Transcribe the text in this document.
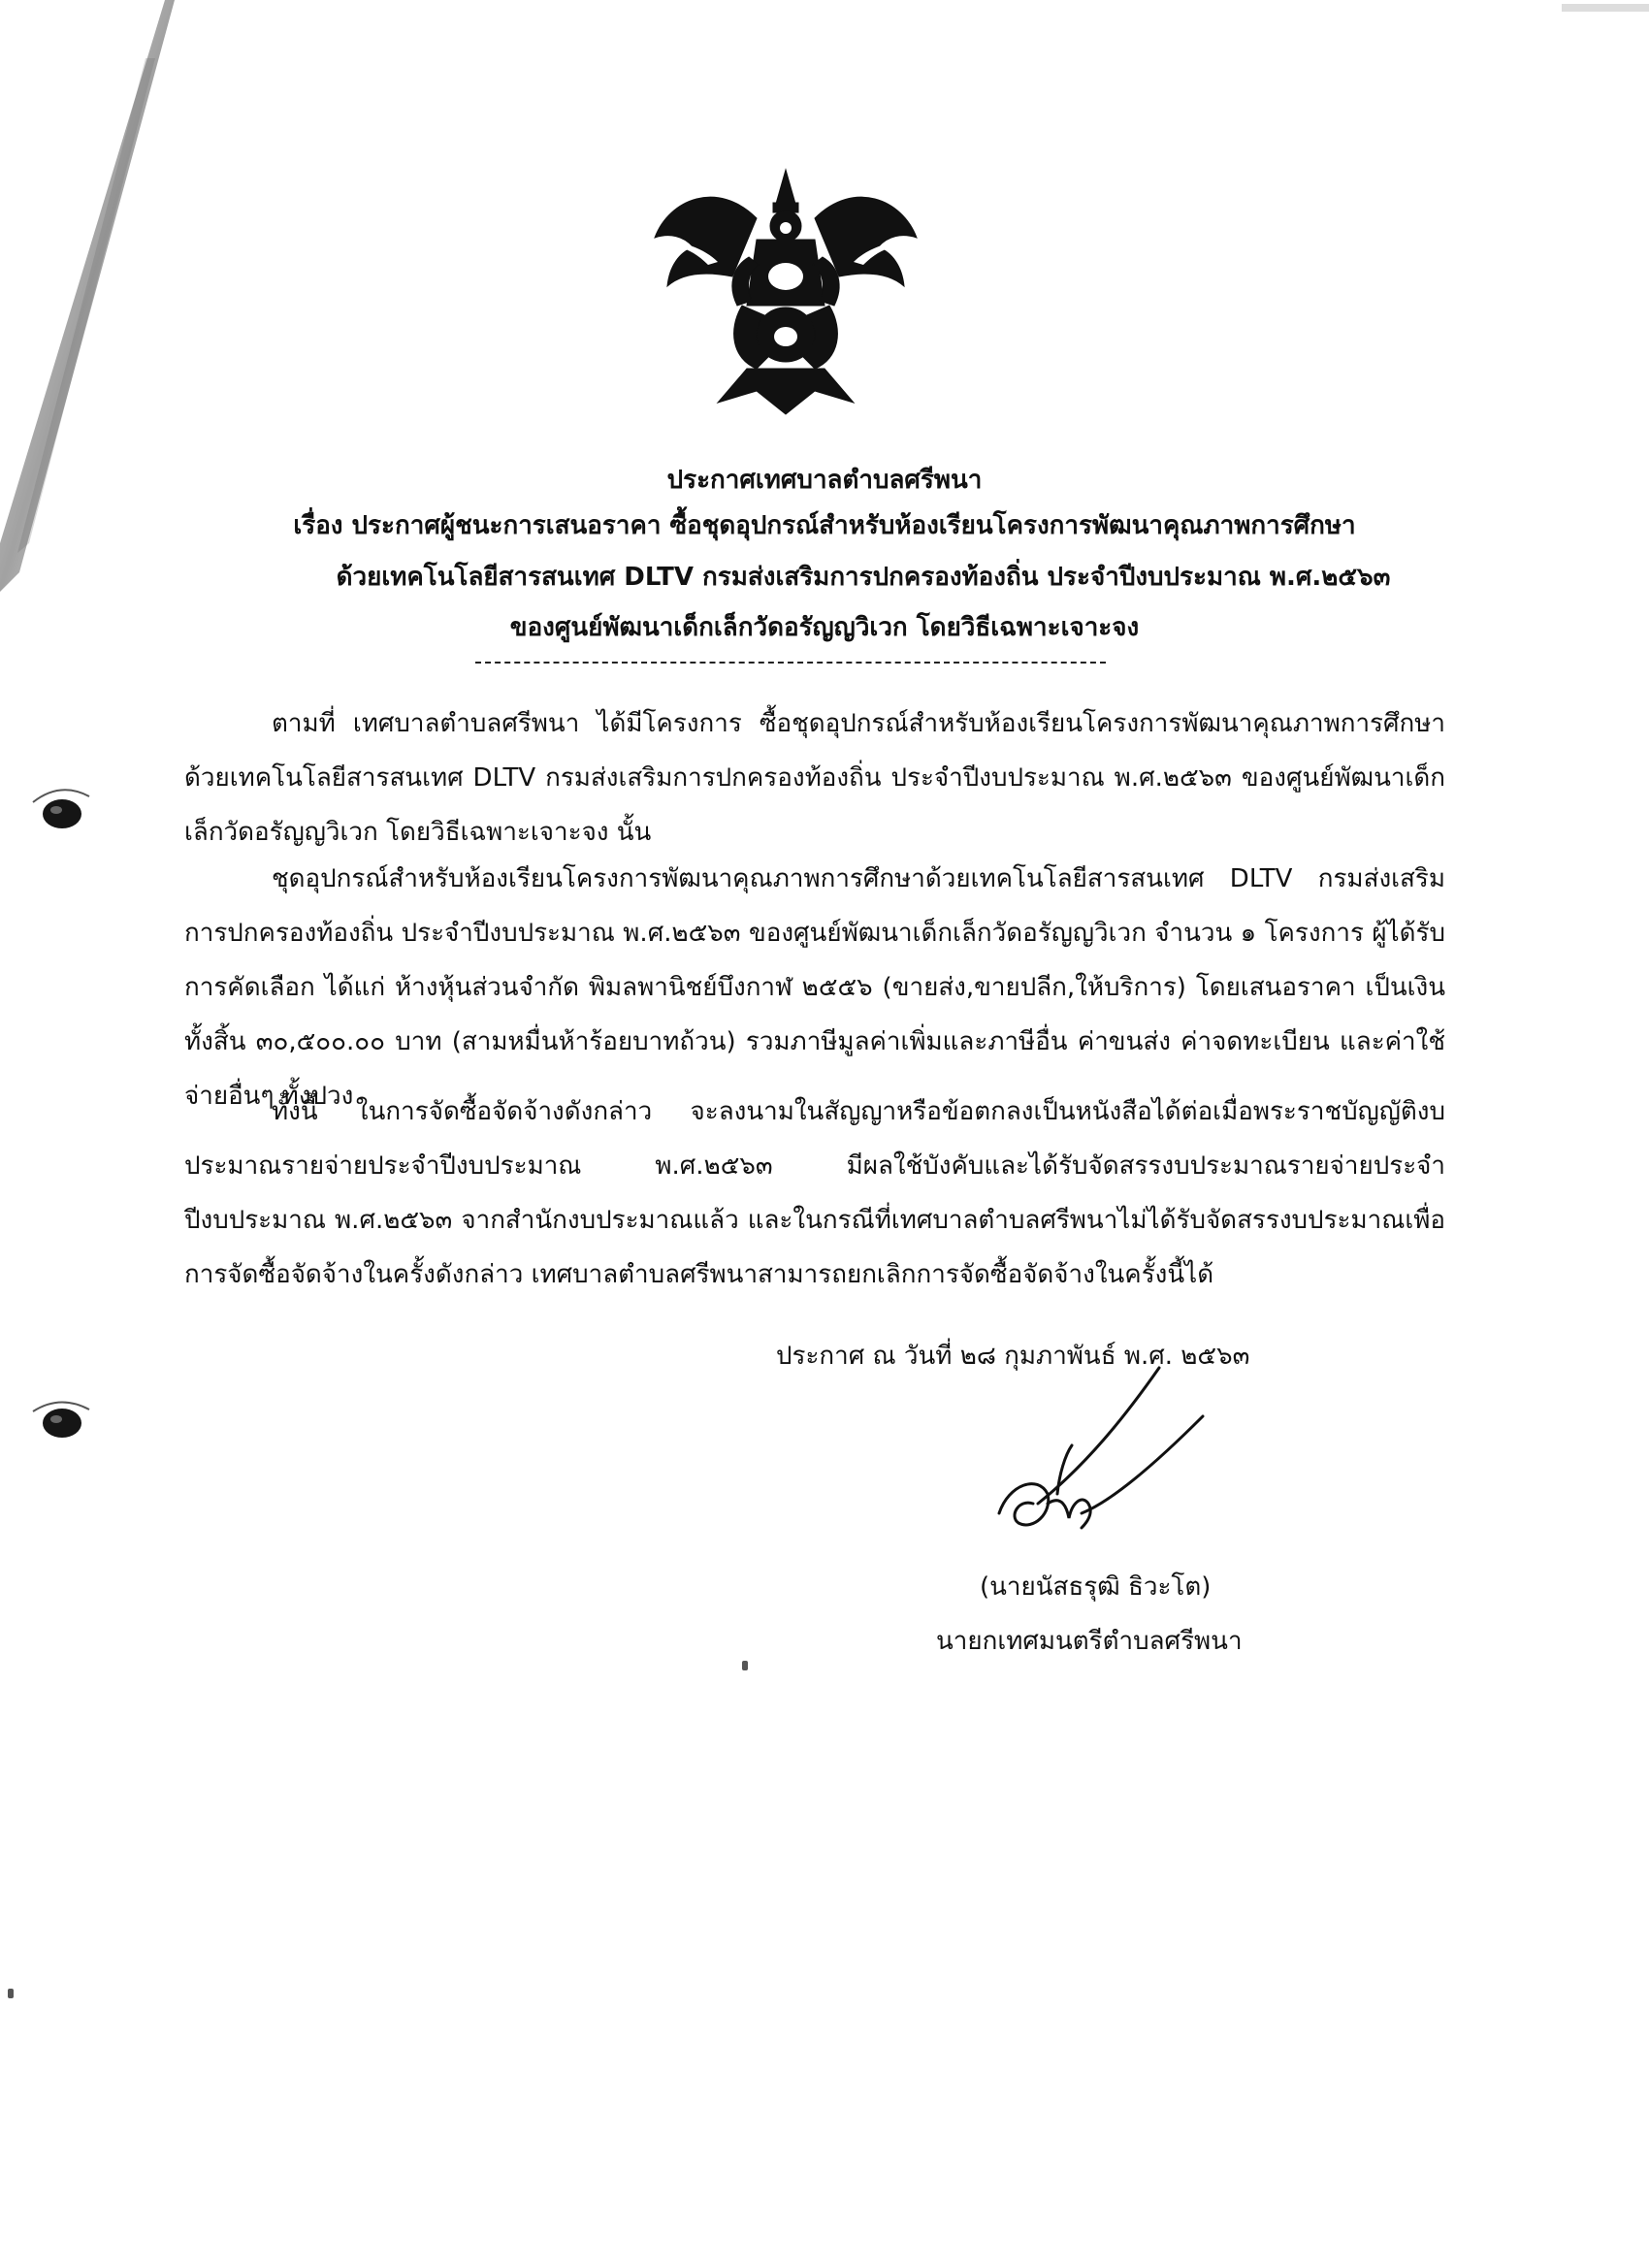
ประกาศเทศบาลตำบลศรีพนา
เรื่อง ประกาศผู้ชนะการเสนอราคา ซื้อชุดอุปกรณ์สำหรับห้องเรียนโครงการพัฒนาคุณภาพการศึกษา
ด้วยเทคโนโลยีสารสนเทศ DLTV กรมส่งเสริมการปกครองท้องถิ่น ประจำปีงบประมาณ พ.ศ.๒๕๖๓
ของศูนย์พัฒนาเด็กเล็กวัดอรัญญวิเวก โดยวิธีเฉพาะเจาะจง
ตามที่ เทศบาลตำบลศรีพนา ได้มีโครงการ ซื้อชุดอุปกรณ์สำหรับห้องเรียนโครงการพัฒนาคุณภาพการศึกษาด้วยเทคโนโลยีสารสนเทศ DLTV กรมส่งเสริมการปกครองท้องถิ่น ประจำปีงบประมาณ พ.ศ.๒๕๖๓ ของศูนย์พัฒนาเด็กเล็กวัดอรัญญวิเวก โดยวิธีเฉพาะเจาะจง นั้น
ชุดอุปกรณ์สำหรับห้องเรียนโครงการพัฒนาคุณภาพการศึกษาด้วยเทคโนโลยีสารสนเทศ DLTV กรมส่งเสริมการปกครองท้องถิ่น ประจำปีงบประมาณ พ.ศ.๒๕๖๓ ของศูนย์พัฒนาเด็กเล็กวัดอรัญญวิเวก จำนวน ๑ โครงการ ผู้ได้รับการคัดเลือก ได้แก่ ห้างหุ้นส่วนจำกัด พิมลพานิชย์บึงกาฬ ๒๕๕๖ (ขายส่ง,ขายปลีก,ให้บริการ) โดยเสนอราคา เป็นเงินทั้งสิ้น ๓๐,๕๐๐.๐๐ บาท (สามหมื่นห้าร้อยบาทถ้วน) รวมภาษีมูลค่าเพิ่มและภาษีอื่น ค่าขนส่ง ค่าจดทะเบียน และค่าใช้จ่ายอื่นๆ ทั้งปวง
ทั้งนี้ ในการจัดซื้อจัดจ้างดังกล่าว จะลงนามในสัญญาหรือข้อตกลงเป็นหนังสือได้ต่อเมื่อพระราชบัญญัติงบประมาณรายจ่ายประจำปีงบประมาณ พ.ศ.๒๕๖๓ มีผลใช้บังคับและได้รับจัดสรรงบประมาณรายจ่ายประจำปีงบประมาณ พ.ศ.๒๕๖๓ จากสำนักงบประมาณแล้ว และในกรณีที่เทศบาลตำบลศรีพนาไม่ได้รับจัดสรรงบประมาณเพื่อการจัดซื้อจัดจ้างในครั้งดังกล่าว เทศบาลตำบลศรีพนาสามารถยกเลิกการจัดซื้อจัดจ้างในครั้งนี้ได้
ประกาศ ณ วันที่ ๒๘ กุมภาพันธ์ พ.ศ. ๒๕๖๓
(นายนัสธรุฒิ ธิวะโต)
นายกเทศมนตรีตำบลศรีพนา
